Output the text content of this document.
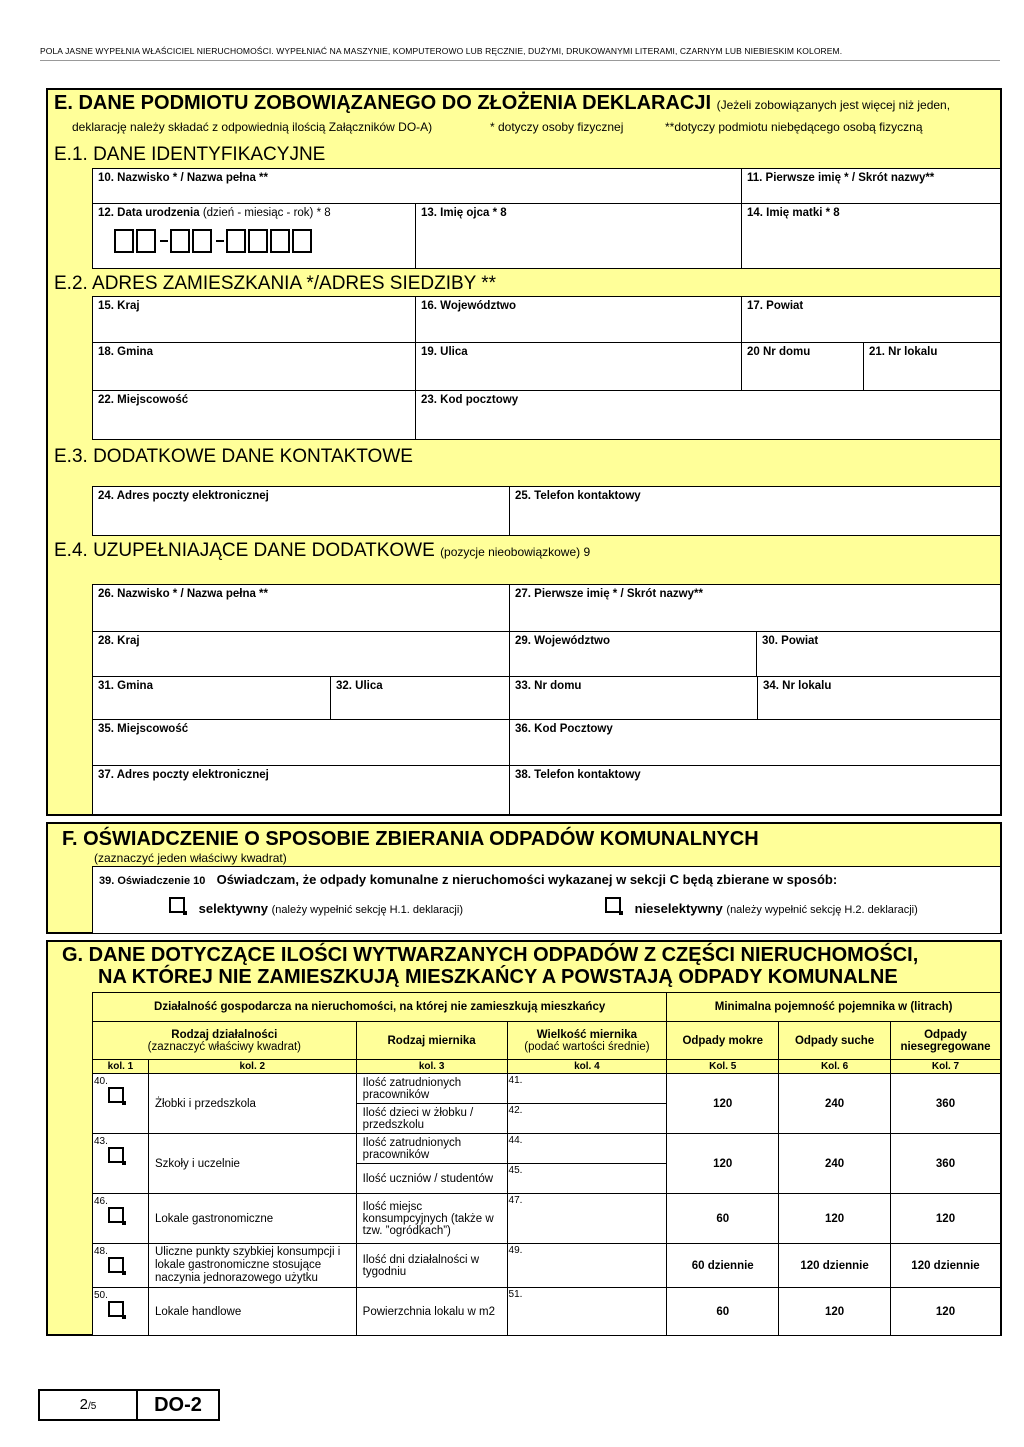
POLA JASNE WYPEŁNIA WŁAŚCICIEL NIERUCHOMOŚCI. WYPEŁNIAĆ NA MASZYNIE, KOMPUTEROWO LUB RĘCZNIE, DUŻYMI, DRUKOWANYMI LITERAMI, CZARNYM LUB NIEBIESKIM KOLOREM.
E. DANE PODMIOTU ZOBOWIĄZANEGO DO ZŁOŻENIA DEKLARACJI (Jeżeli zobowiązanych jest więcej niż jeden,
deklarację należy składać z odpowiednią ilością Załączników DO-A)	* dotyczy osoby fizycznej	**dotyczy podmiotu niebędącego osobą fizyczną
E.1. DANE IDENTYFIKACYJNE
10. Nazwisko * / Nazwa pełna **	11. Pierwsze imię * / Skrót nazwy**
12. Data urodzenia (dzień - miesiąc - rok) * 8	13. Imię ojca * 8	14. Imię matki * 8
E.2. ADRES ZAMIESZKANIA */ADRES SIEDZIBY **
15. Kraj	16. Województwo	17. Powiat
18. Gmina	19. Ulica	20 Nr domu	21. Nr lokalu
22. Miejscowość	23. Kod pocztowy
E.3. DODATKOWE DANE KONTAKTOWE
24. Adres poczty elektronicznej	25. Telefon kontaktowy
E.4. UZUPEŁNIAJĄCE DANE DODATKOWE (pozycje nieobowiązkowe) 9
26. Nazwisko * / Nazwa pełna **	27. Pierwsze imię * / Skrót nazwy**
28. Kraj	29. Województwo	30. Powiat
31. Gmina	32. Ulica	33. Nr domu	34. Nr lokalu
35. Miejscowość	36. Kod Pocztowy
37. Adres poczty elektronicznej	38. Telefon kontaktowy
F. OŚWIADCZENIE O SPOSOBIE ZBIERANIA ODPADÓW KOMUNALNYCH
(zaznaczyć jeden właściwy kwadrat)
39. Oświadczenie 10 Oświadczam, że odpady komunalne z nieruchomości wykazanej w sekcji C będą zbierane w sposób:
selektywny (należy wypełnić sekcję H.1. deklaracji)	nieselektywny (należy wypełnić sekcję H.2. deklaracji)
G. DANE DOTYCZĄCE ILOŚCI WYTWARZANYCH ODPADÓW Z CZĘŚCI NIERUCHOMOŚCI,
NA KTÓREJ NIE ZAMIESZKUJĄ MIESZKAŃCY A POWSTAJĄ ODPADY KOMUNALNE
Działalność gospodarcza na nieruchomości, na której nie zamieszkują mieszkańcy				Minimalna pojemność pojemnika w (litrach)		
Rodzaj działalności
(zaznaczyć właściwy kwadrat)		Rodzaj miernika	Wielkość miernika
(podać wartości średnie)	Odpady mokre	Odpady suche	Odpady niesegregowane
kol. 1	kol. 2	kol. 3	kol. 4	Kol. 5	Kol. 6	Kol. 7
40.	Żłobki i przedszkola	Ilość zatrudnionych pracowników	41.	120	240	360
		Ilość dzieci w żłobku / przedszkolu	42.			
43.	Szkoły i uczelnie	Ilość zatrudnionych pracowników	44.	120	240	360
		Ilość uczniów / studentów	45.			
46.	Lokale gastronomiczne	Ilość miejsc konsumpcyjnych (także w tzw. ”ogródkach”)	47.	60	120	120
48.	Uliczne punkty szybkiej konsumpcji i lokale gastronomiczne stosujące naczynia jednorazowego użytku	Ilość dni działalności w tygodniu	49.	60 dziennie	120 dziennie	120 dziennie
50.	Lokale handlowe	Powierzchnia lokalu w m2	51.	60	120	120
2/5	DO-2
